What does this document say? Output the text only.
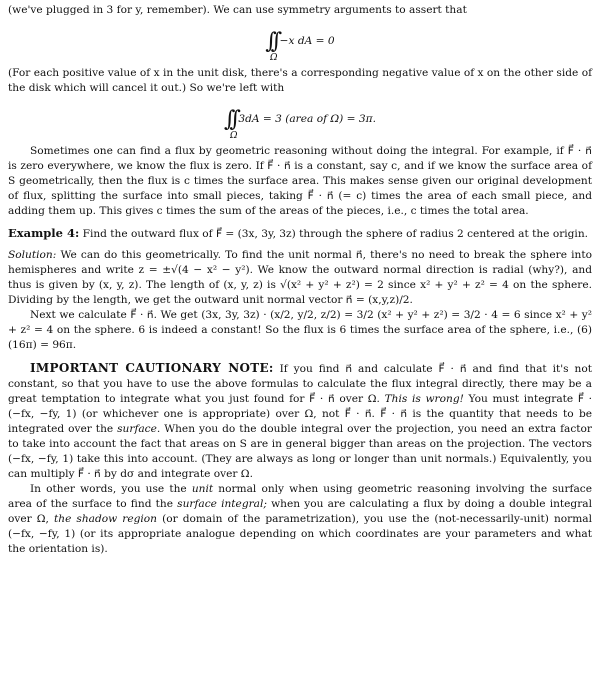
(we've plugged in 3 for y, remember). We can use symmetry arguments to assert that

∫∫ −x dA = 0
Ω

(For each positive value of x in the unit disk, there's a corresponding negative value of x on the other side of the disk which will cancel it out.) So we're left with

∫∫ 3dA = 3 (area of Ω) = 3π.
Ω

Sometimes one can find a flux by geometric reasoning without doing the integral. For example, if F⃗ · n⃗ is zero everywhere, we know the flux is zero. If F⃗ · n⃗ is a constant, say c, and if we know the surface area of S geometrically, then the flux is c times the surface area. This makes sense given our original development of flux, splitting the surface into small pieces, taking F⃗ · n⃗ (= c) times the area of each small piece, and adding them up. This gives c times the sum of the areas of the pieces, i.e., c times the total area.

Example 4: Find the outward flux of F⃗ = (3x, 3y, 3z) through the sphere of radius 2 centered at the origin.

Solution: We can do this geometrically. To find the unit normal n⃗, there's no need to break the sphere into hemispheres and write z = ±√(4 − x² − y²). We know the outward normal direction is radial (why?), and thus is given by (x, y, z). The length of (x, y, z) is √(x² + y² + z²) = 2 since x² + y² + z² = 4 on the sphere. Dividing by the length, we get the outward unit normal vector n⃗ = (x,y,z)/2.

Next we calculate F⃗ · n⃗. We get (3x, 3y, 3z) · (x/2, y/2, z/2) = 3/2 (x² + y² + z²) = 3/2 · 4 = 6 since x² + y² + z² = 4 on the sphere. 6 is indeed a constant! So the flux is 6 times the surface area of the sphere, i.e., (6)(16π) = 96π.

IMPORTANT CAUTIONARY NOTE: If you find n⃗ and calculate F⃗ · n⃗ and find that it's not constant, so that you have to use the above formulas to calculate the flux integral directly, there may be a great temptation to integrate what you just found for F⃗ · n⃗ over Ω. This is wrong! You must integrate F⃗ · (−fx, −fy, 1) (or whichever one is appropriate) over Ω, not F⃗ · n⃗. F⃗ · n⃗ is the quantity that needs to be integrated over the surface. When you do the double integral over the projection, you need an extra factor to take into account the fact that areas on S are in general bigger than areas on the projection. The vectors (−fx, −fy, 1) take this into account. (They are always as long or longer than unit normals.) Equivalently, you can multiply F⃗ · n⃗ by dσ and integrate over Ω.

In other words, you use the unit normal only when using geometric reasoning involving the surface area of the surface to find the surface integral; when you are calculating a flux by doing a double integral over Ω, the shadow region (or domain of the parametrization), you use the (not-necessarily-unit) normal (−fx, −fy, 1) (or its appropriate analogue depending on which coordinates are your parameters and what the orientation is).
